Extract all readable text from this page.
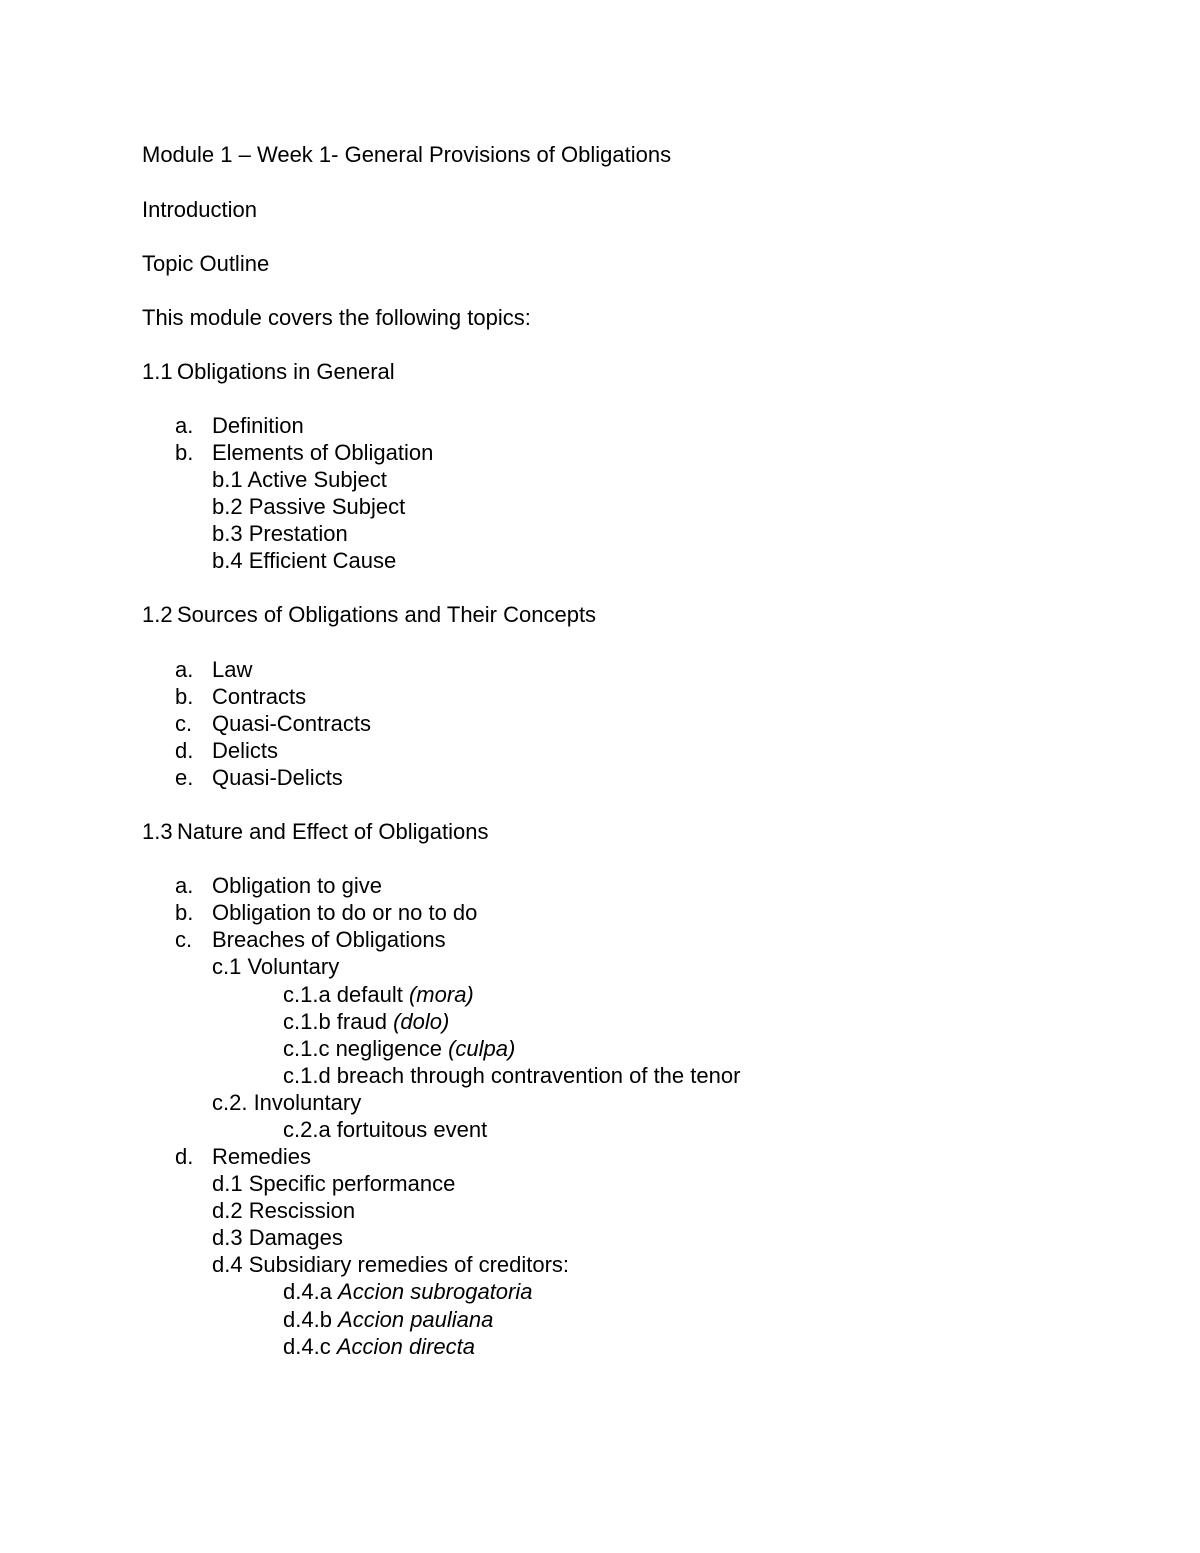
Module 1 – Week 1- General Provisions of Obligations
Introduction
Topic Outline
This module covers the following topics:
1.1 Obligations in General
a. Definition
b. Elements of Obligation
b.1 Active Subject
b.2 Passive Subject
b.3 Prestation
b.4 Efficient Cause
1.2 Sources of Obligations and Their Concepts
a. Law
b. Contracts
c. Quasi-Contracts
d. Delicts
e. Quasi-Delicts
1.3 Nature and Effect of Obligations
a. Obligation to give
b. Obligation to do or no to do
c. Breaches of Obligations
c.1 Voluntary
c.1.a default (mora)
c.1.b fraud (dolo)
c.1.c negligence (culpa)
c.1.d breach through contravention of the tenor
c.2. Involuntary
c.2.a fortuitous event
d. Remedies
d.1 Specific performance
d.2 Rescission
d.3 Damages
d.4 Subsidiary remedies of creditors:
d.4.a Accion subrogatoria
d.4.b Accion pauliana
d.4.c Accion directa
